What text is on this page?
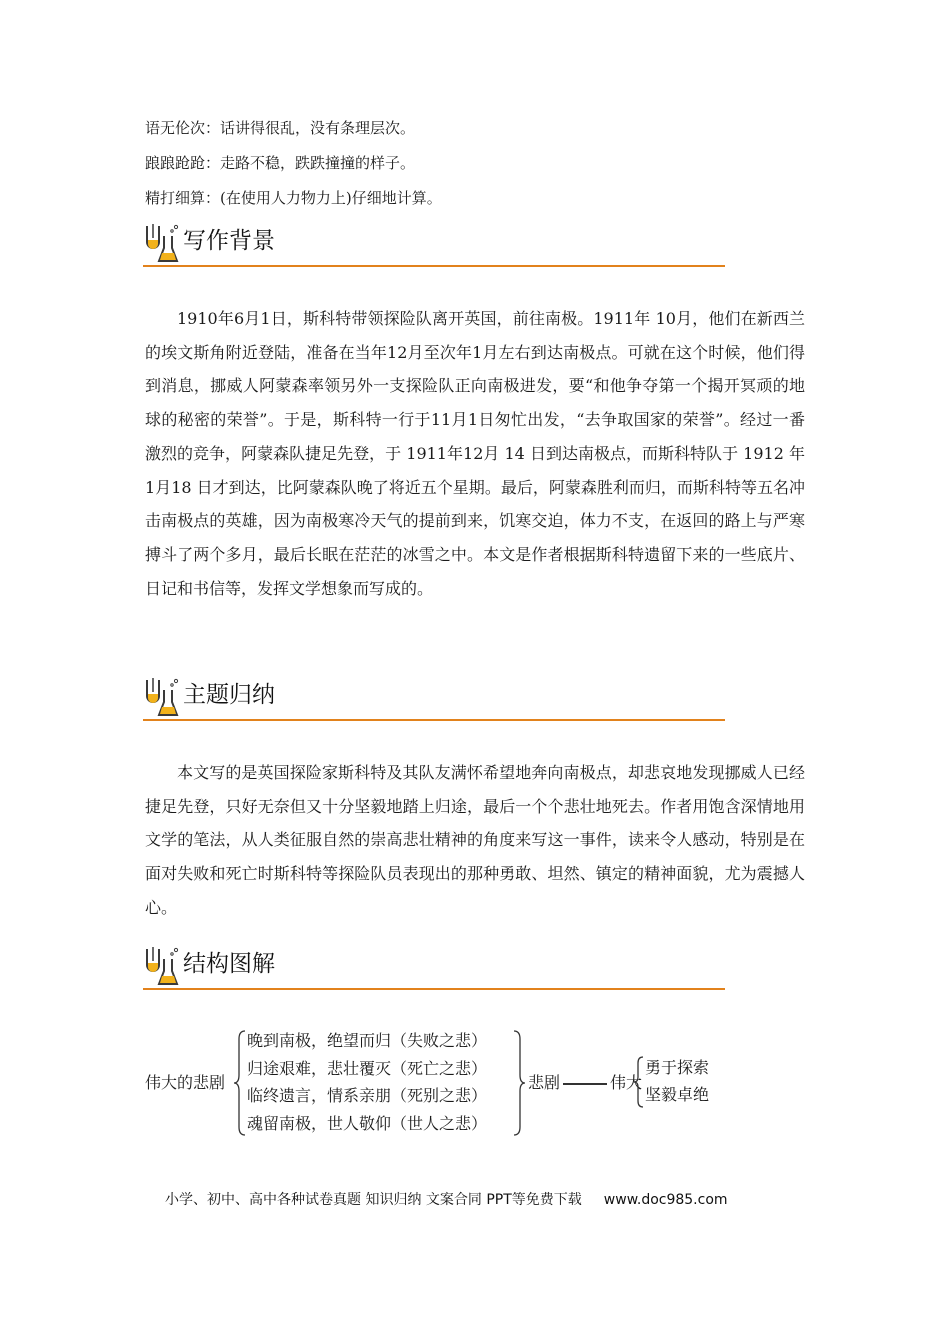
语无伦次：话讲得很乱，没有条理层次。

踉踉跄跄：走路不稳，跌跌撞撞的样子。

精打细算：(在使用人力物力上)仔细地计算。

写作背景

1910年6月1日，斯科特带领探险队离开英国，前往南极。1911年 10月，他们在新西兰的埃文斯角附近登陆，准备在当年12月至次年1月左右到达南极点。可就在这个时候，他们得到消息，挪威人阿蒙森率领另外一支探险队正向南极进发，要“和他争夺第一个揭开冥顽的地球的秘密的荣誉”。于是，斯科特一行于11月1日匆忙出发，“去争取国家的荣誉”。经过一番激烈的竞争，阿蒙森队捷足先登，于 1911年12月 14 日到达南极点，而斯科特队于 1912 年1月18 日才到达，比阿蒙森队晚了将近五个星期。最后，阿蒙森胜利而归，而斯科特等五名冲击南极点的英雄，因为南极寒冷天气的提前到来，饥寒交迫，体力不支，在返回的路上与严寒搏斗了两个多月，最后长眠在茫茫的冰雪之中。本文是作者根据斯科特遗留下来的一些底片、日记和书信等，发挥文学想象而写成的。

主题归纳

本文写的是英国探险家斯科特及其队友满怀希望地奔向南极点，却悲哀地发现挪威人已经捷足先登，只好无奈但又十分坚毅地踏上归途，最后一个个悲壮地死去。作者用饱含深情地用文学的笔法，从人类征服自然的崇高悲壮精神的角度来写这一事件，读来令人感动，特别是在面对失败和死亡时斯科特等探险队员表现出的那种勇敢、坦然、镇定的精神面貌，尤为震撼人心。

结构图解
伟大的悲剧
晚到南极，绝望而归（失败之悲）
归途艰难，悲壮覆灭（死亡之悲）
临终遗言，情系亲朋（死别之悲）
魂留南极，世人敬仰（世人之悲）
悲剧	伟大
勇于探索
坚毅卓绝
小学、初中、高中各种试卷真题 知识归纳 文案合同 PPT等免费下载 www.doc985.com
